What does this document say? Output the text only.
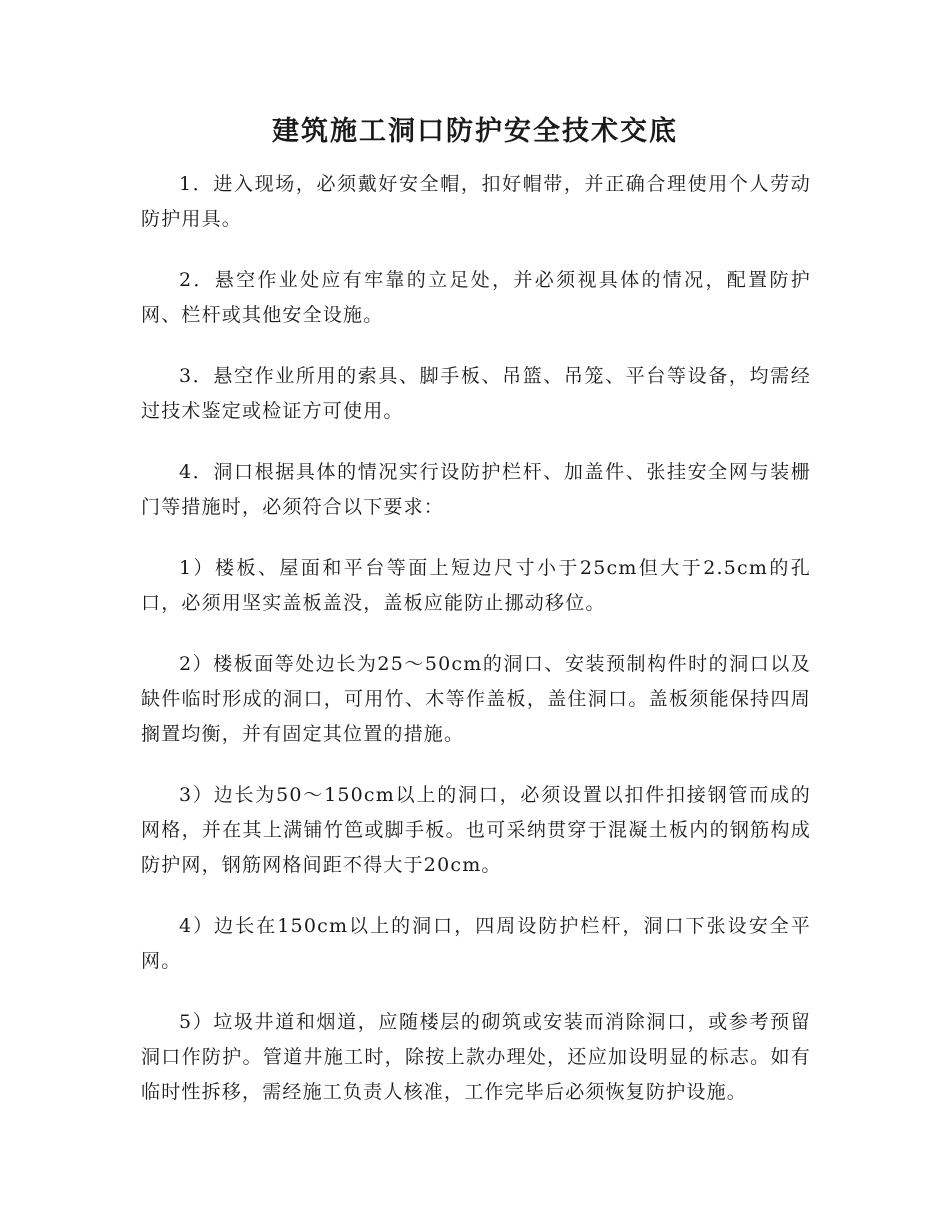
建筑施工洞口防护安全技术交底

1．进入现场，必须戴好安全帽，扣好帽带，并正确合理使用个人劳动防护用具。

2．悬空作业处应有牢靠的立足处，并必须视具体的情况，配置防护网、栏杆或其他安全设施。

3．悬空作业所用的索具、脚手板、吊篮、吊笼、平台等设备，均需经过技术鉴定或检证方可使用。

4．洞口根据具体的情况实行设防护栏杆、加盖件、张挂安全网与装栅门等措施时，必须符合以下要求：

1）楼板、屋面和平台等面上短边尺寸小于25cm但大于2.5cm的孔口，必须用坚实盖板盖没，盖板应能防止挪动移位。

2）楼板面等处边长为25～50cm的洞口、安装预制构件时的洞口以及缺件临时形成的洞口，可用竹、木等作盖板，盖住洞口。盖板须能保持四周搁置均衡，并有固定其位置的措施。

3）边长为50～150cm以上的洞口，必须设置以扣件扣接钢管而成的网格，并在其上满铺竹笆或脚手板。也可采纳贯穿于混凝土板内的钢筋构成防护网，钢筋网格间距不得大于20cm。

4）边长在150cm以上的洞口，四周设防护栏杆，洞口下张设安全平网。

5）垃圾井道和烟道，应随楼层的砌筑或安装而消除洞口，或参考预留洞口作防护。管道井施工时，除按上款办理处，还应加设明显的标志。如有临时性拆移，需经施工负责人核准，工作完毕后必须恢复防护设施。
